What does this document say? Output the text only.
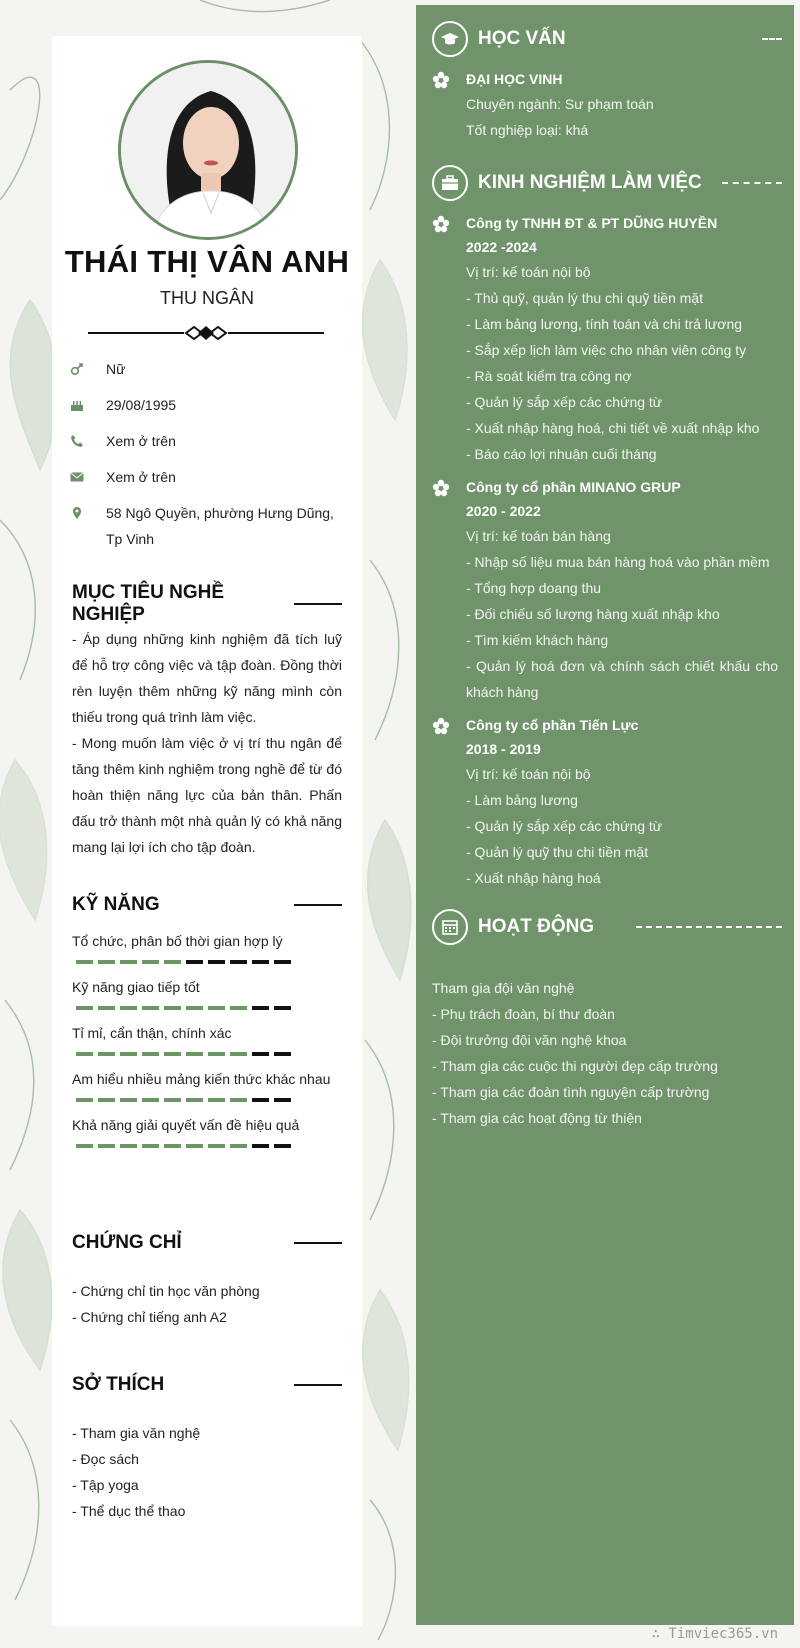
THÁI THỊ VÂN ANH
THU NGÂN
Nữ
29/08/1995
Xem ở trên
Xem ở trên
58 Ngô Quyền, phường Hưng Dũng, Tp Vinh
MỤC TIÊU NGHỀ NGHIỆP
- Áp dụng những kinh nghiệm đã tích luỹ để hỗ trợ công việc và tập đoàn. Đồng thời rèn luyện thêm những kỹ năng mình còn thiếu trong quá trình làm việc.
- Mong muốn làm việc ở vị trí thu ngân để tăng thêm kinh nghiệm trong nghề để từ đó hoàn thiện năng lực của bản thân. Phấn đấu trở thành một nhà quản lý có khả năng mang lại lợi ích cho tập đoàn.
KỸ NĂNG
Tổ chức, phân bố thời gian hợp lý
Kỹ năng giao tiếp tốt
Tỉ mỉ, cẩn thận, chính xác
Am hiểu nhiều mảng kiến thức khác nhau
Khả năng giải quyết vấn đề hiệu quả
CHỨNG CHỈ
- Chứng chỉ tin học văn phòng
- Chứng chỉ tiếng anh A2
SỞ THÍCH
- Tham gia văn nghệ
- Đọc sách
- Tập yoga
- Thể dục thể thao
HỌC VẤN
ĐẠI HỌC VINH
Chuyên ngành: Sư phạm toán
Tốt nghiệp loại: khá
KINH NGHIỆM LÀM VIỆC
Công ty TNHH ĐT & PT DŨNG HUYỀN
2022 -2024
Vị trí: kế toán nội bộ
- Thủ quỹ, quản lý thu chi quỹ tiền mặt
- Làm bảng lương, tính toán và chi trả lương
- Sắp xếp lịch làm việc cho nhân viên công ty
- Rà soát kiểm tra công nợ
- Quản lý sắp xếp các chứng từ
- Xuất nhập hàng hoá, chi tiết về xuất nhập kho
- Báo cáo lợi nhuận cuối tháng
Công ty cổ phần MINANO GRUP
2020 - 2022
Vị trí: kế toán bán hàng
- Nhập số liệu mua bán hàng hoá vào phần mềm
- Tổng hợp doang thu
- Đối chiếu số lượng hàng xuất nhập kho
- Tìm kiếm khách hàng
- Quản lý hoá đơn và chính sách chiết khấu cho khách hàng
Công ty cổ phần Tiến Lực
2018 - 2019
Vị trí: kế toán nội bộ
- Làm bảng lương
- Quản lý sắp xếp các chứng từ
- Quản lý quỹ thu chi tiền mặt
- Xuất nhập hàng hoá
HOẠT ĐỘNG
Tham gia đội văn nghệ
- Phụ trách đoàn, bí thư đoàn
- Đội trưởng đội văn nghệ khoa
- Tham gia các cuộc thi người đẹp cấp trường
- Tham gia các đoàn tình nguyện cấp trường
- Tham gia các hoạt động từ thiện
∴ Timviec365.vn
